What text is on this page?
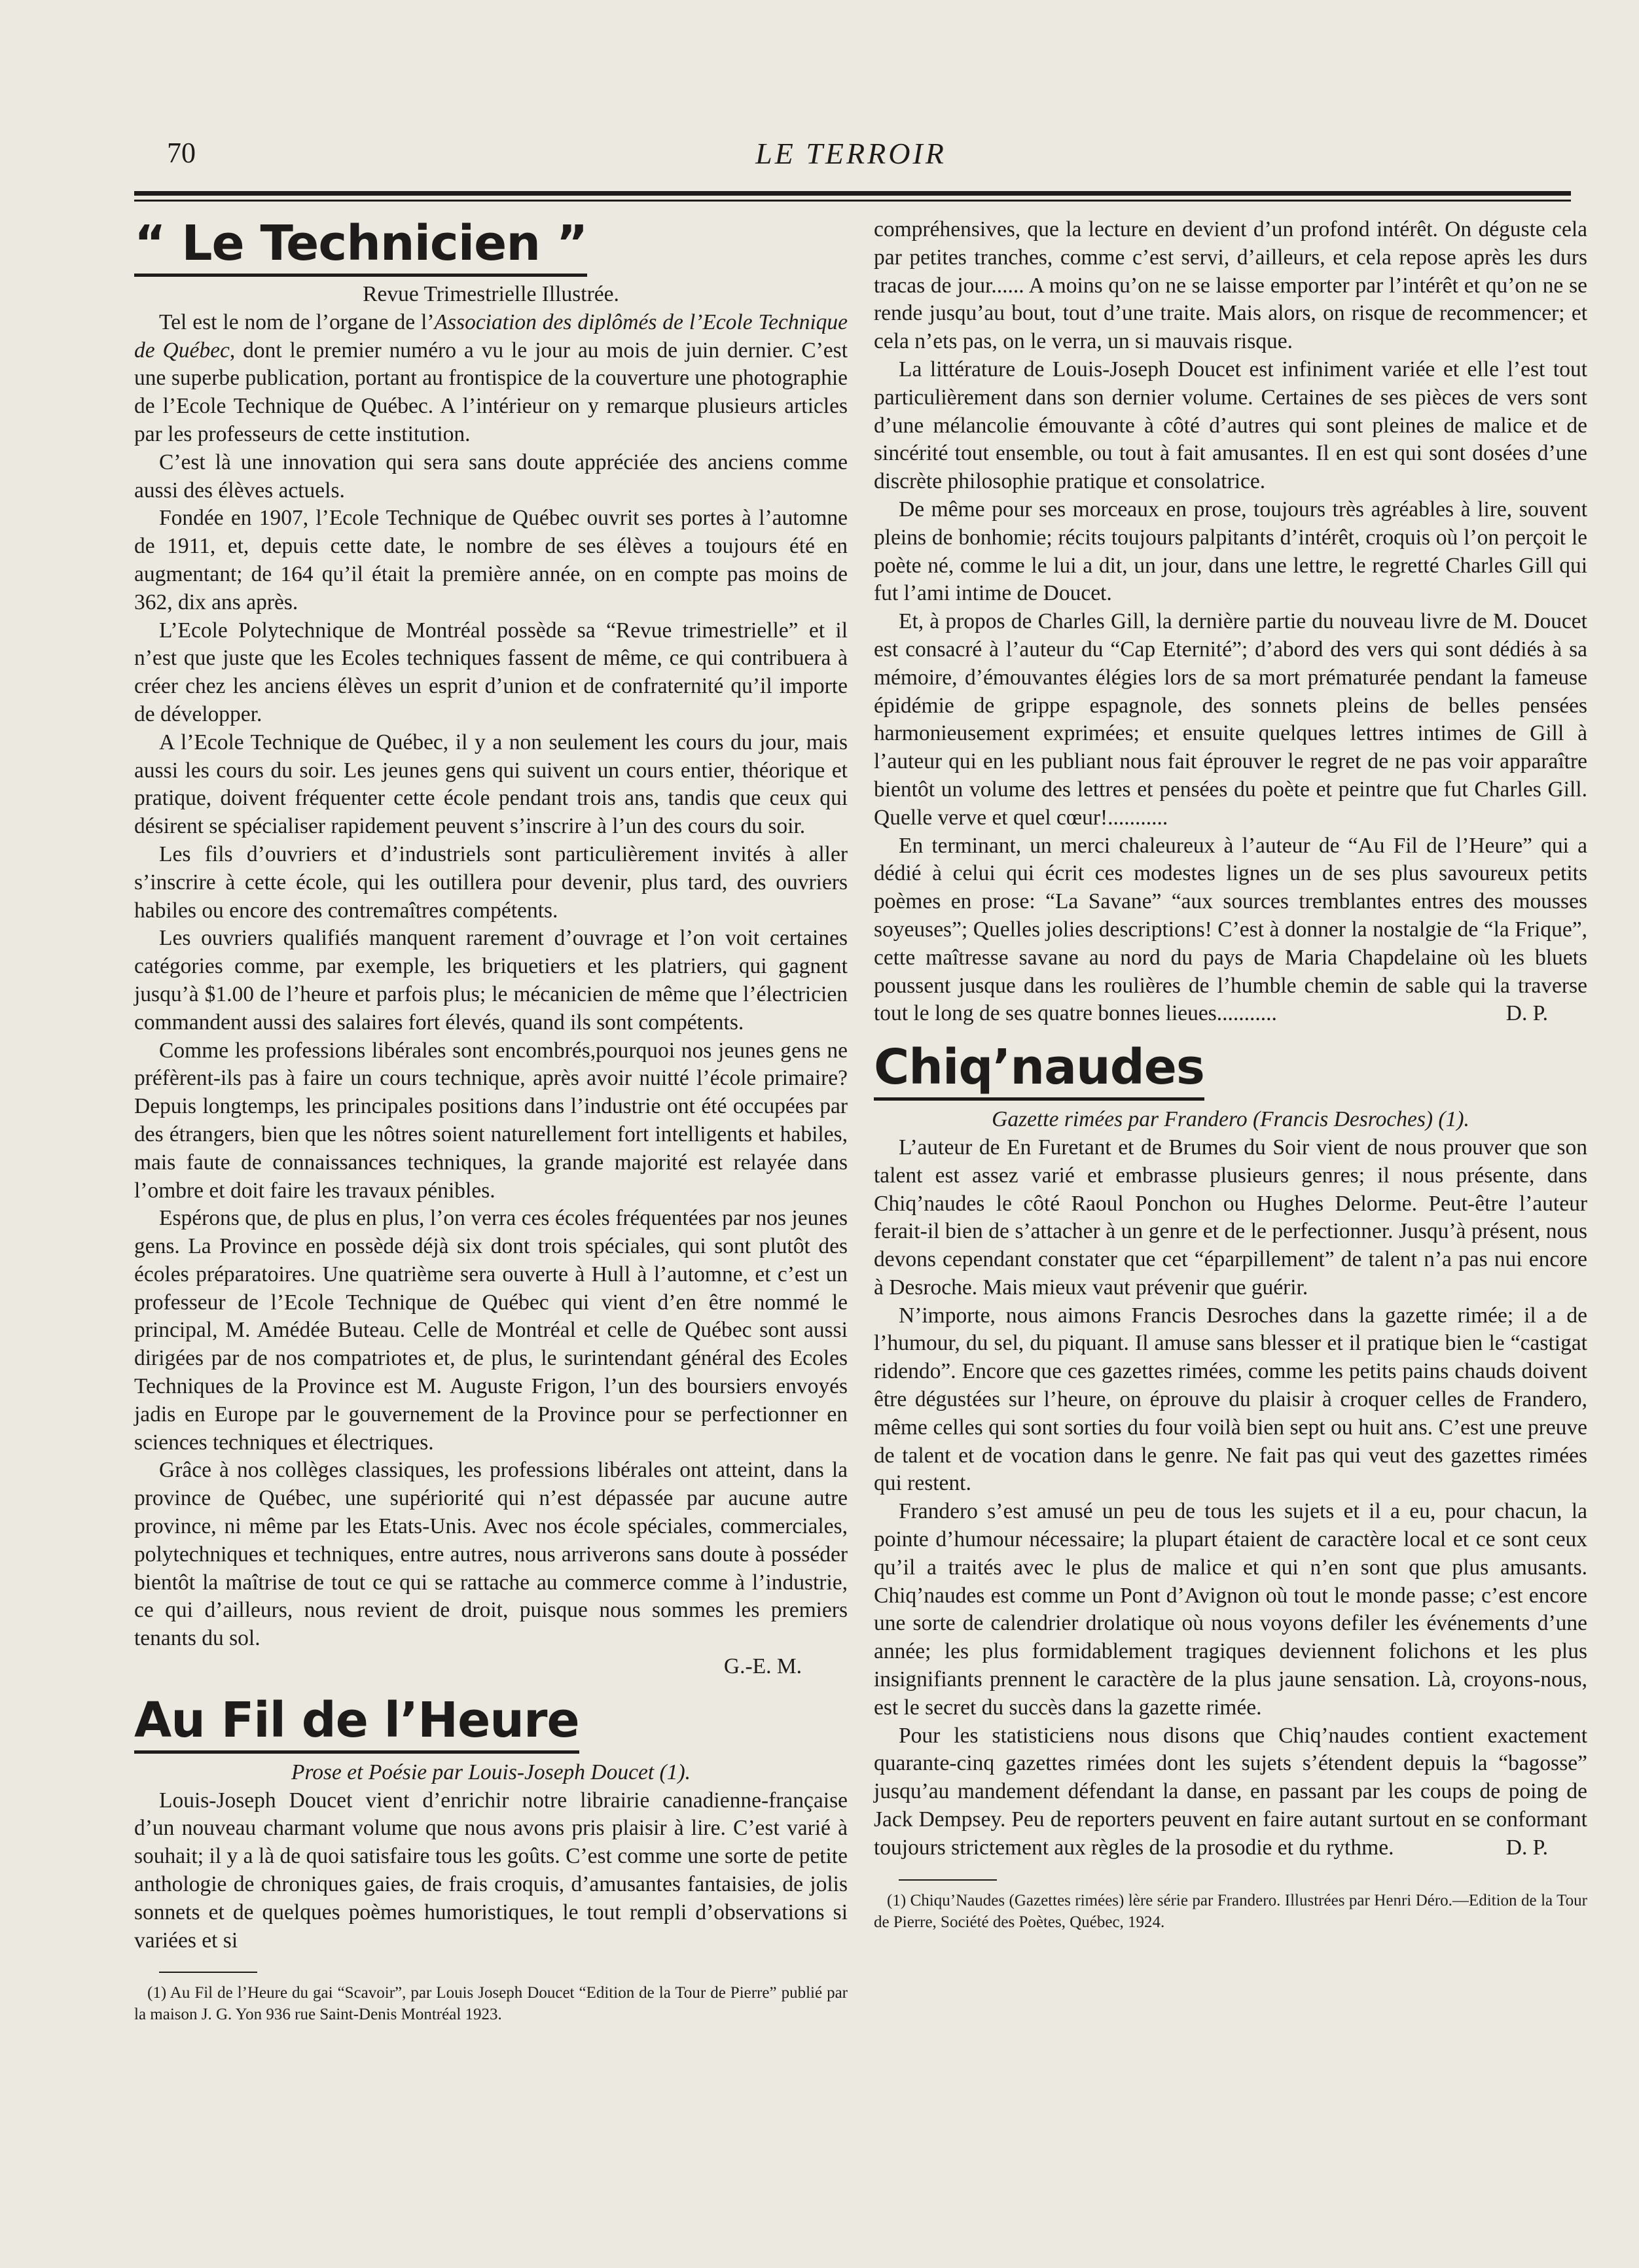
70	LE TERROIR
“ Le Technicien ”
Revue Trimestrielle Illustrée.

Tel est le nom de l’organe de l’Association des diplômés de l’Ecole Technique de Québec, dont le premier numéro a vu le jour au mois de juin dernier. C’est une superbe publication, portant au frontispice de la couverture une photographie de l’Ecole Technique de Québec. A l’intérieur on y remarque plusieurs articles par les professeurs de cette institution.

C’est là une innovation qui sera sans doute appréciée des anciens comme aussi des élèves actuels.

Fondée en 1907, l’Ecole Technique de Québec ouvrit ses portes à l’automne de 1911, et, depuis cette date, le nombre de ses élèves a toujours été en augmentant; de 164 qu’il était la première année, on en compte pas moins de 362, dix ans après.

L’Ecole Polytechnique de Montréal possède sa “Revue trimestrielle” et il n’est que juste que les Ecoles techniques fassent de même, ce qui contribuera à créer chez les anciens élèves un esprit d’union et de confraternité qu’il importe de développer.

A l’Ecole Technique de Québec, il y a non seulement les cours du jour, mais aussi les cours du soir. Les jeunes gens qui suivent un cours entier, théorique et pratique, doivent fréquenter cette école pendant trois ans, tandis que ceux qui désirent se spécialiser rapidement peuvent s’inscrire à l’un des cours du soir.

Les fils d’ouvriers et d’industriels sont particulièrement invités à aller s’inscrire à cette école, qui les outillera pour devenir, plus tard, des ouvriers habiles ou encore des contremaîtres compétents.

Les ouvriers qualifiés manquent rarement d’ouvrage et l’on voit certaines catégories comme, par exemple, les briquetiers et les platriers, qui gagnent jusqu’à $1.00 de l’heure et parfois plus; le mécanicien de même que l’électricien commandent aussi des salaires fort élevés, quand ils sont compétents.

Comme les professions libérales sont encombrés,pourquoi nos jeunes gens ne préfèrent-ils pas à faire un cours technique, après avoir nuitté l’école primaire? Depuis longtemps, les principales positions dans l’industrie ont été occupées par des étrangers, bien que les nôtres soient naturellement fort intelligents et habiles, mais faute de connaissances techniques, la grande majorité est relayée dans l’ombre et doit faire les travaux pénibles.

Espérons que, de plus en plus, l’on verra ces écoles fréquentées par nos jeunes gens. La Province en possède déjà six dont trois spéciales, qui sont plutôt des écoles préparatoires. Une quatrième sera ouverte à Hull à l’automne, et c’est un professeur de l’Ecole Technique de Québec qui vient d’en être nommé le principal, M. Amédée Buteau. Celle de Montréal et celle de Québec sont aussi dirigées par de nos compatriotes et, de plus, le surintendant général des Ecoles Techniques de la Province est M. Auguste Frigon, l’un des boursiers envoyés jadis en Europe par le gouvernement de la Province pour se perfectionner en sciences techniques et électriques.

Grâce à nos collèges classiques, les professions libérales ont atteint, dans la province de Québec, une supériorité qui n’est dépassée par aucune autre province, ni même par les Etats-Unis. Avec nos école spéciales, commerciales, polytechniques et techniques, entre autres, nous arriverons sans doute à posséder bientôt la maîtrise de tout ce qui se rattache au commerce comme à l’industrie, ce qui d’ailleurs, nous revient de droit, puisque nous sommes les premiers tenants du sol.

G.-E. M.
Au Fil de l’Heure
Prose et Poésie par Louis-Joseph Doucet (1).

Louis-Joseph Doucet vient d’enrichir notre librairie canadienne-française d’un nouveau charmant volume que nous avons pris plaisir à lire. C’est varié à souhait; il y a là de quoi satisfaire tous les goûts. C’est comme une sorte de petite anthologie de chroniques gaies, de frais croquis, d’amusantes fantaisies, de jolis sonnets et de quelques poèmes humoristiques, le tout rempli d’observations si variées et si

(1) Au Fil de l’Heure du gai “Scavoir”, par Louis Joseph Doucet “Edition de la Tour de Pierre” publié par la maison J. G. Yon 936 rue Saint-Denis Montréal 1923.

compréhensives, que la lecture en devient d’un profond intérêt. On déguste cela par petites tranches, comme c’est servi, d’ailleurs, et cela repose après les durs tracas de jour...... A moins qu’on ne se laisse emporter par l’intérêt et qu’on ne se rende jusqu’au bout, tout d’une traite. Mais alors, on risque de recommencer; et cela n’ets pas, on le verra, un si mauvais risque.

La littérature de Louis-Joseph Doucet est infiniment variée et elle l’est tout particulièrement dans son dernier volume. Certaines de ses pièces de vers sont d’une mélancolie émouvante à côté d’autres qui sont pleines de malice et de sincérité tout ensemble, ou tout à fait amusantes. Il en est qui sont dosées d’une discrète philosophie pratique et consolatrice.

De même pour ses morceaux en prose, toujours très agréables à lire, souvent pleins de bonhomie; récits toujours palpitants d’intérêt, croquis où l’on perçoit le poète né, comme le lui a dit, un jour, dans une lettre, le regretté Charles Gill qui fut l’ami intime de Doucet.

Et, à propos de Charles Gill, la dernière partie du nouveau livre de M. Doucet est consacré à l’auteur du “Cap Eternité”; d’abord des vers qui sont dédiés à sa mémoire, d’émouvantes élégies lors de sa mort prématurée pendant la fameuse épidémie de grippe espagnole, des sonnets pleins de belles pensées harmonieusement exprimées; et ensuite quelques lettres intimes de Gill à l’auteur qui en les publiant nous fait éprouver le regret de ne pas voir apparaître bientôt un volume des lettres et pensées du poète et peintre que fut Charles Gill. Quelle verve et quel cœur!...........

En terminant, un merci chaleureux à l’auteur de “Au Fil de l’Heure” qui a dédié à celui qui écrit ces modestes lignes un de ses plus savoureux petits poèmes en prose: “La Savane” “aux sources tremblantes entres des mousses soyeuses”; Quelles jolies descriptions! C’est à donner la nostalgie de “la Frique”, cette maîtresse savane au nord du pays de Maria Chapdelaine où les bluets poussent jusque dans les roulières de l’humble chemin de sable qui la traverse tout le long de ses quatre bonnes lieues...........	D. P.

Chiq’naudes
Gazette rimées par Frandero (Francis Desroches) (1).

L’auteur de En Furetant et de Brumes du Soir vient de nous prouver que son talent est assez varié et embrasse plusieurs genres; il nous présente, dans Chiq’naudes le côté Raoul Ponchon ou Hughes Delorme. Peut-être l’auteur ferait-il bien de s’attacher à un genre et de le perfectionner. Jusqu’à présent, nous devons cependant constater que cet “éparpillement” de talent n’a pas nui encore à Desroche. Mais mieux vaut prévenir que guérir.

N’importe, nous aimons Francis Desroches dans la gazette rimée; il a de l’humour, du sel, du piquant. Il amuse sans blesser et il pratique bien le “castigat ridendo”. Encore que ces gazettes rimées, comme les petits pains chauds doivent être dégustées sur l’heure, on éprouve du plaisir à croquer celles de Frandero, même celles qui sont sorties du four voilà bien sept ou huit ans. C’est une preuve de talent et de vocation dans le genre. Ne fait pas qui veut des gazettes rimées qui restent.

Frandero s’est amusé un peu de tous les sujets et il a eu, pour chacun, la pointe d’humour nécessaire; la plupart étaient de caractère local et ce sont ceux qu’il a traités avec le plus de malice et qui n’en sont que plus amusants. Chiq’naudes est comme un Pont d’Avignon où tout le monde passe; c’est encore une sorte de calendrier drolatique où nous voyons defiler les événements d’une année; les plus formidablement tragiques deviennent folichons et les plus insignifiants prennent le caractère de la plus jaune sensation. Là, croyons-nous, est le secret du succès dans la gazette rimée.

Pour les statisticiens nous disons que Chiq’naudes contient exactement quarante-cinq gazettes rimées dont les sujets s’étendent depuis la “bagosse” jusqu’au mandement défendant la danse, en passant par les coups de poing de Jack Dempsey. Peu de reporters peuvent en faire autant surtout en se conformant toujours strictement aux règles de la prosodie et du rythme.	D. P.

(1) Chiqu’Naudes (Gazettes rimées) lère série par Frandero. Illustrées par Henri Déro.—Edition de la Tour de Pierre, Société des Poètes, Québec, 1924.
